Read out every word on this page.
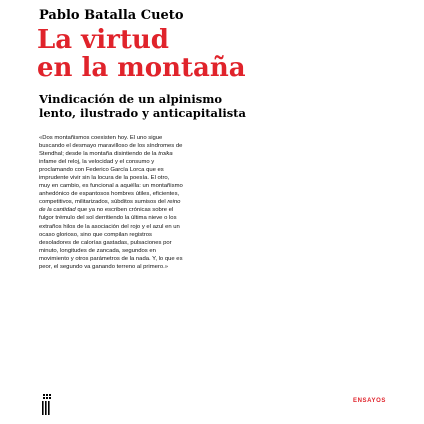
Pablo Batalla Cueto
La virtud
en la montaña
Vindicación de un alpinismo
lento, ilustrado y anticapitalista
«Dos montañismos coexisten hoy. El uno sigue
buscando el desmayo maravilloso de los síndromes de
Stendhal; desde la montaña disintiendo de la troika
infame del reloj, la velocidad y el consumo y
proclamando con Federico García Lorca que es
imprudente vivir sin la locura de la poesía. El otro,
muy en cambio, es funcional a aquélla: un montañismo
anhedónico de espantosos hombres útiles, eficientes,
competitivos, militarizados, súbditos sumisos del reino
de la cantidad que ya no escriben crónicas sobre el
fulgor trémulo del sol derritiendo la última nieve o los
extraños hilos de la asociación del rojo y el azul en un
ocaso glorioso, sino que compilan registros
desoladores de calorías gastadas, pulsaciones por
minuto, longitudes de zancada, segundos en
movimiento y otros parámetros de la nada. Y, lo que es
peor, el segundo va ganando terreno al primero.»
ENSAYOS
